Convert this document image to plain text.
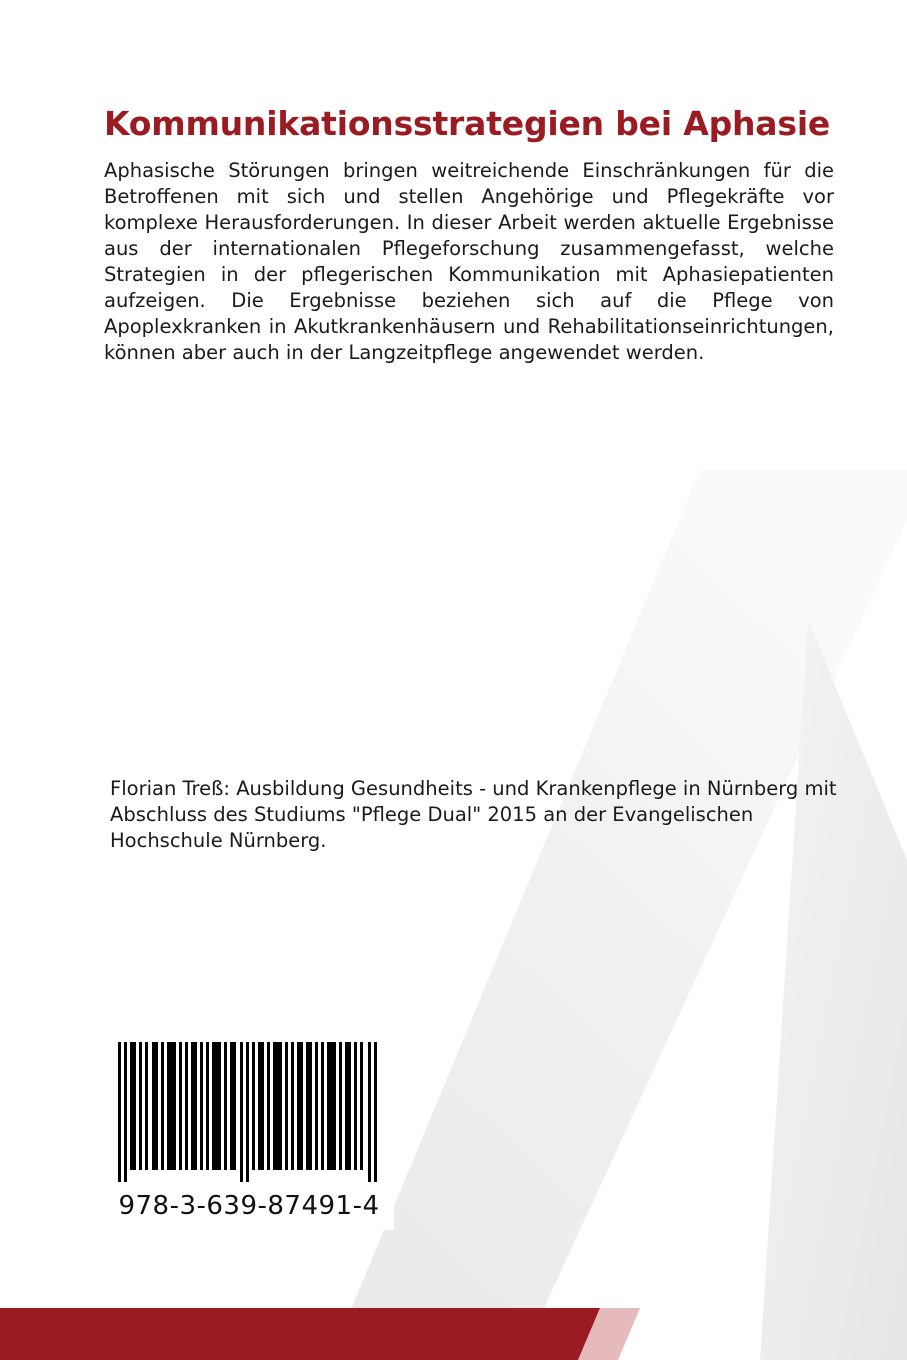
Kommunikationsstrategien bei Aphasie

Aphasische Störungen bringen weitreichende Einschränkungen für die Betroffenen mit sich und stellen Angehörige und Pflegekräfte vor komplexe Herausforderungen. In dieser Arbeit werden aktuelle Ergebnisse aus der internationalen Pflegeforschung zusammengefasst, welche Strategien in der pflegerischen Kommunikation mit Aphasiepatienten aufzeigen. Die Ergebnisse beziehen sich auf die Pflege von Apoplexkranken in Akutkrankenhäusern und Rehabilitationseinrichtungen, können aber auch in der Langzeitpflege angewendet werden.

Florian Treß: Ausbildung Gesundheits - und Krankenpflege in Nürnberg mit Abschluss des Studiums "Pflege Dual" 2015 an der Evangelischen Hochschule Nürnberg.

978-3-639-87491-4
